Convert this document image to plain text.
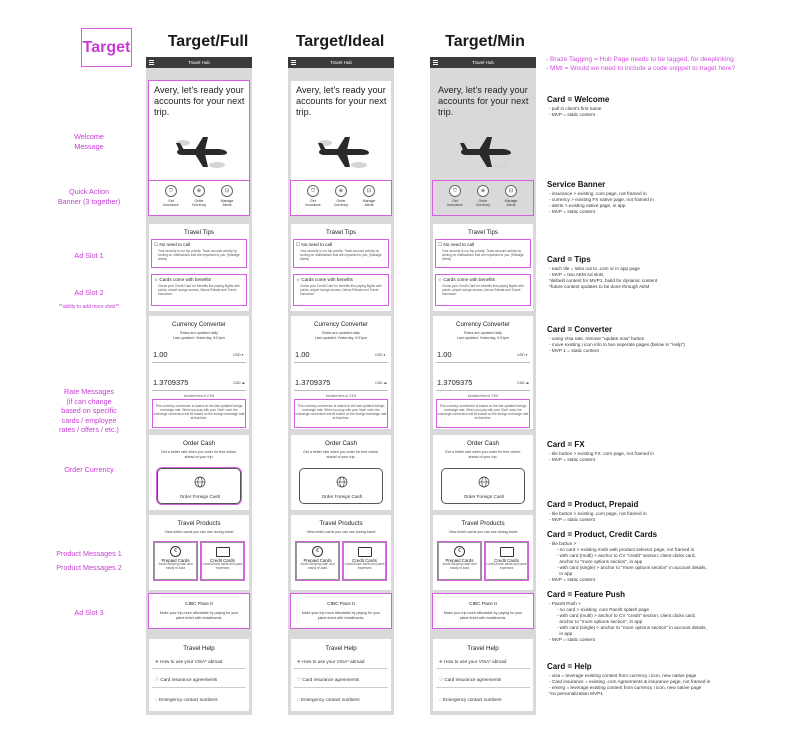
Target	Target/Full	Target/Ideal	Target/Min
- Braze Tagging = Hub Page needs to be tagged, for deeplinking
- MMI = Would we need to include a code snippet to traget here?
Welcome
Message
Quick Action
Banner (3 together)
Ad Slot 1
Ad Slot 2
**ability to add more slots**
Rate Messages
(if can change
based on specific
cards / employee
rates / offers / etc.)
Order Currency
Product Messages 1
Product Messages 2
Ad Slot 3
Travel Hub
Avery, let's ready your accounts for your next trip.
⛉
Get
Insurance
⊕
Order
Currency
⊡
Manage
Alerts
Travel Tips
☐ No need to call
Your security is our top priority. Track account activity by turning on notifications that are important to you. (Manage Alerts)
☆ Cards come with benefits
Check your Credit Card for benefits like paying flights with points, airport lounge access, Nexus Rebate and Travel Insurance.
Currency Converter
Rates are updated daily
Last updated: Yesterday, 9:01pm
1.00	USD ▾
1.3709375	CAD ◂▸
Includes fees of 2.5%
This currency conversion is based on the last updated foreign exchange rate. When you pay with your Visa* card, the exchange conversion will be based on the foreign exchange rate at that time.
Order Cash
Get a better rate when you order for free online, ahead of your trip.
Order Foreign Cash
Travel Products
View which cards you can use during travel
€
Prepaid Cards
Avoid carrying cash and easily re-load
Credit Cards
Lock/Unlock cards and pace expenses
CIBC Pace It
Make your trip more affordable by paying for your plane ticket with installments.
Travel Help
✈ How to use your VISA* abroad
♡ Card insurance agreements
◌ Emergency contact numbers
Travel Hub
Avery, let's ready your accounts for your next trip.
⛉
Get
Insurance
⊕
Order
Currency
⊡
Manage
Alerts
Travel Tips
☐ No need to call
Your security is our top priority. Track account activity by turning on notifications that are important to you. (Manage Alerts)
☆ Cards come with benefits
Check your Credit Card for benefits like paying flights with points, airport lounge access, Nexus Rebate and Travel Insurance.
Currency Converter
Rates are updated daily
Last updated: Yesterday, 9:01pm
1.00	USD ▾
1.3709375	CAD ◂▸
Includes fees of 2.5%
This currency conversion is based on the last updated foreign exchange rate. When you pay with your Visa* card, the exchange conversion will be based on the foreign exchange rate at that time.
Order Cash
Get a better rate when you order for free online, ahead of your trip.
Order Foreign Cash
Travel Products
View which cards you can use during travel
€
Prepaid Cards
Avoid carrying cash and easily re-load
Credit Cards
Lock/Unlock cards and pace expenses
CIBC Pace It
Make your trip more affordable by paying for your plane ticket with installments.
Travel Help
✈ How to use your VISA* abroad
♡ Card insurance agreements
◌ Emergency contact numbers
Travel Hub
Avery, let's ready your accounts for your next trip.
⛉
Get
Insurance
⊕
Order
Currency
⊡
Manage
Alerts
Travel Tips
☐ No need to call
Your security is our top priority. Track account activity by turning on notifications that are important to you. (Manage Alerts)
☆ Cards come with benefits
Check your Credit Card for benefits like paying flights with points, airport lounge access, Nexus Rebate and Travel Insurance.
Currency Converter
Rates are updated daily
Last updated: Yesterday, 9:01pm
1.00	USD ▾
1.3709375	CAD ◂▸
Includes fees of 2.5%
This currency conversion is based on the last updated foreign exchange rate. When you pay with your Visa* card, the exchange conversion will be based on the foreign exchange rate at that time.
Order Cash
Get a better rate when you order for free online, ahead of your trip.
Order Foreign Cash
Travel Products
View which cards you can use during travel
€
Prepaid Cards
Avoid carrying cash and easily re-load
Credit Cards
Lock/Unlock cards and pace expenses
CIBC Pace It
Make your trip more affordable by paying for your plane ticket with installments.
Travel Help
✈ How to use your VISA* abroad
♡ Card insurance agreements
◌ Emergency contact numbers
Card = Welcome
- pull in client's first name
- MVP = static content
Service Banner
- insurance > existing .com page, not framed in
- currency > existing FX native page, not framed in
- alerts > existing native page, in app
- MVP = static content
Card = Tips
- each tile = links out to .com or in app page
- MVP = two AEM Ad slots
*default content for MVP1, build for dynamic content
*future content updates to be done through AEM
Card = Converter
- using Visa rate, remove "update now" button
- move existing i icon info to two seperate pages (below in "Help")
- MVP 1 = static content
Card = FX
- tile button > existing FX .com page, not framed in
- MVP = static content
Card = Product, Prepaid
- tile button > existing .com page, not framed in
- MVP = static content
Card = Product, Credit Cards
- tile button >
- no card > existing mobi web product selector page, not framed in
- with card (multi) > anchor to CV "credit" section; client clicks card,
anchor to "more options section", in app
- with card (single) > anchor to "more options section" in account details,
in app
- MVP = static content
Card = Feature Push
- Pacelt Push >
- no card > existing .com Pacelt splash page
- with card (multi) > anchor to CV "credit" section, client clicks card,
anchor to "more options section", in app
- with card (single) > anchor to "more options section" in account details,
in app
- MVP = static content
Card = Help
- visa = leverage existing content from currency i icon, new native page
- Card insurance = existing .com Agreements & insurance page, not framed in
- emerg = leverage existing content from currency i icon, new native page
*no personalization MVP1
